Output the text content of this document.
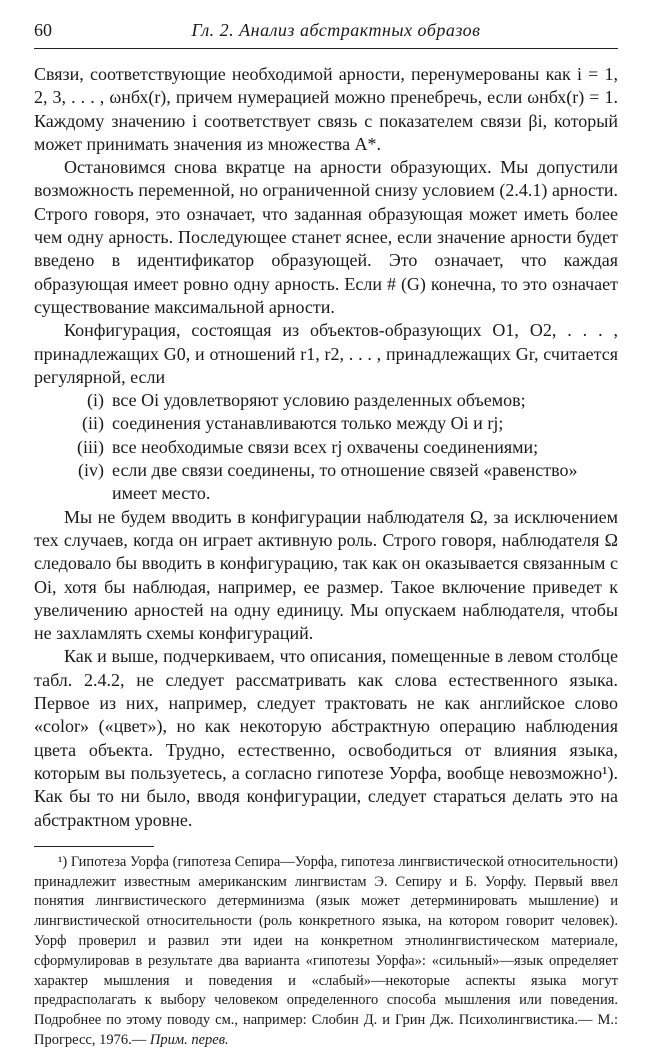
60	Гл. 2. Анализ абстрактных образов

Связи, соответствующие необходимой арности, перенумерованы как i = 1, 2, 3, . . . , ωнбх(r), причем нумерацией можно пренебречь, если ωнбх(r) = 1. Каждому значению i соответствует связь с показателем связи βi, который может принимать значения из множества A*.

Остановимся снова вкратце на арности образующих. Мы допустили возможность переменной, но ограниченной снизу условием (2.4.1) арности. Строго говоря, это означает, что заданная образующая может иметь более чем одну арность. Последующее станет яснее, если значение арности будет введено в идентификатор образующей. Это означает, что каждая образующая имеет ровно одну арность. Если # (G) конечна, то это означает существование максимальной арности.

Конфигурация, состоящая из объектов-образующих O1, O2, . . . , принадлежащих G0, и отношений r1, r2, . . . , принадлежащих Gr, считается регулярной, если

(i) все Oi удовлетворяют условию разделенных объемов;
(ii) соединения устанавливаются только между Oi и rj;
(iii) все необходимые связи всех rj охвачены соединениями;
(iv) если две связи соединены, то отношение связей «равенство»
имеет место.

Мы не будем вводить в конфигурации наблюдателя Ω, за исключением тех случаев, когда он играет активную роль. Строго говоря, наблюдателя Ω следовало бы вводить в конфигурацию, так как он оказывается связанным с Oi, хотя бы наблюдая, например, ее размер. Такое включение приведет к увеличению арностей на одну единицу. Мы опускаем наблюдателя, чтобы не захламлять схемы конфигураций.

Как и выше, подчеркиваем, что описания, помещенные в левом столбце табл. 2.4.2, не следует рассматривать как слова естественного языка. Первое из них, например, следует трактовать не как английское слово «color» («цвет»), но как некоторую абстрактную операцию наблюдения цвета объекта. Трудно, естественно, освободиться от влияния языка, которым вы пользуетесь, а согласно гипотезе Уорфа, вообще невозможно¹). Как бы то ни было, вводя конфигурации, следует стараться делать это на абстрактном уровне.

¹) Гипотеза Уорфа (гипотеза Сепира—Уорфа, гипотеза лингвистической относительности) принадлежит известным американским лингвистам Э. Сепиру и Б. Уорфу. Первый ввел понятия лингвистического детерминизма (язык может детерминировать мышление) и лингвистической относительности (роль конкретного языка, на котором говорит человек). Уорф проверил и развил эти идеи на конкретном этнолингвистическом материале, сформулировав в результате два варианта «гипотезы Уорфа»: «сильный»—язык определяет характер мышления и поведения и «слабый»—некоторые аспекты языка могут предрасполагать к выбору человеком определенного способа мышления или поведения. Подробнее по этому поводу см., например: Слобин Д. и Грин Дж. Психолингвистика.— М.: Прогресс, 1976.— Прим. перев.
